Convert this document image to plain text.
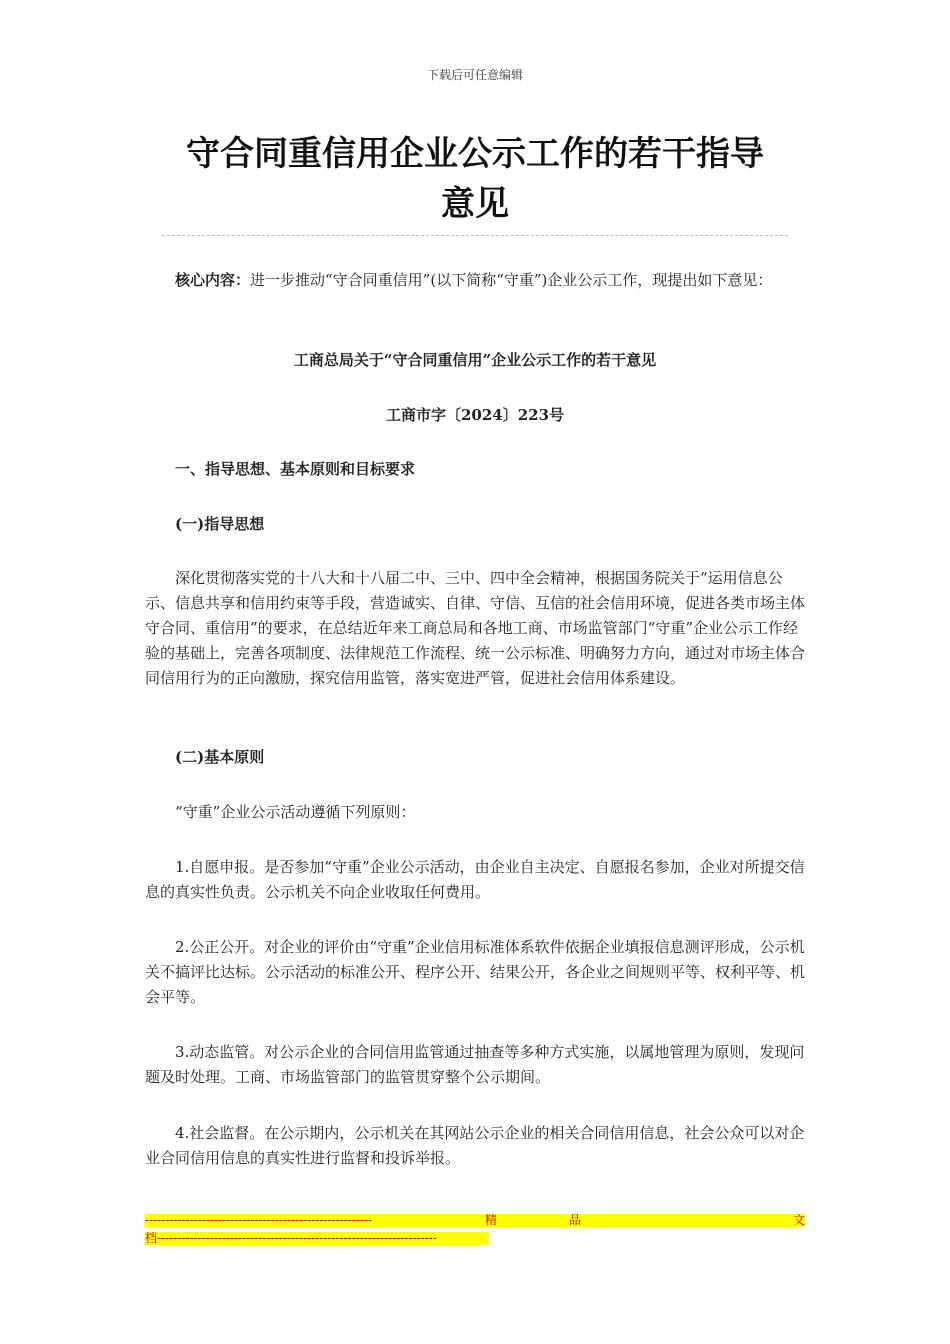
下载后可任意编辑
守合同重信用企业公示工作的若干指导
意见
核心内容：进一步推动“守合同重信用”(以下简称“守重”)企业公示工作，现提出如下意见：
工商总局关于“守合同重信用”企业公示工作的若干意见
工商市字〔2024〕223号
一、指导思想、基本原则和目标要求
(一)指导思想
深化贯彻落实党的十八大和十八届二中、三中、四中全会精神，根据国务院关于“运用信息公示、信息共享和信用约束等手段，营造诚实、自律、守信、互信的社会信用环境，促进各类市场主体守合同、重信用”的要求，在总结近年来工商总局和各地工商、市场监管部门“守重”企业公示工作经验的基础上，完善各项制度、法律规范工作流程、统一公示标准、明确努力方向，通过对市场主体合同信用行为的正向激励，探究信用监管，落实宽进严管，促进社会信用体系建设。
(二)基本原则
“守重”企业公示活动遵循下列原则：
1.自愿申报。是否参加“守重”企业公示活动，由企业自主决定、自愿报名参加，企业对所提交信息的真实性负责。公示机关不向企业收取任何费用。
2.公正公开。对企业的评价由“守重”企业信用标准体系软件依据企业填报信息测评形成，公示机关不搞评比达标。公示活动的标准公开、程序公开、结果公开，各企业之间规则平等、权利平等、机会平等。
3.动态监管。对公示企业的合同信用监管通过抽查等多种方式实施，以属地管理为原则，发现问题及时处理。工商、市场监管部门的监管贯穿整个公示期间。
4.社会监督。在公示期内，公示机关在其网站公示企业的相关合同信用信息，社会公众可以对企业合同信用信息的真实性进行监督和投诉举报。
--------------------------------------------------------	精	品	文
档---------------------------------------------------------------------
